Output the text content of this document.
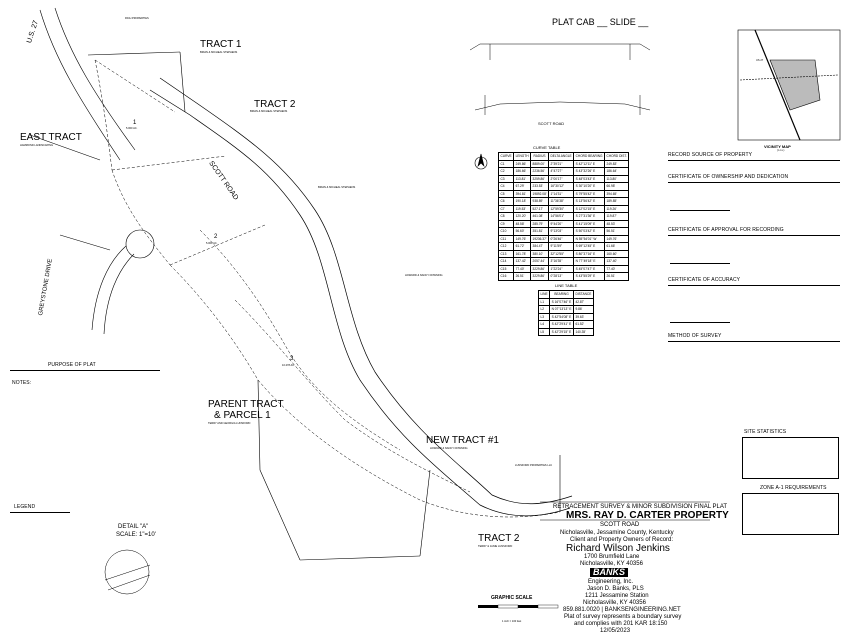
PLAT CAB __ SLIDE __
SCOTT ROAD
VICINITY MAP
(n.t.s.)
US 27
U.S. 27
SCOTT ROAD
GREYSTONE DRIVE
TRACT 1
TRACT 2
EAST TRACT
PARENT TRACT
& PARCEL 1
NEW TRACT #1
TRACT 2
1
5.000 AC.
2
5.000 AC.
3
10.278 AC.
RICH PROPERTIES
BRIAN & MICHEAL STEPHENS
BRIAN & MICHEAL STEPHENS
HAMMOND LANDSCAPING
BRIAN & MICHEAL STEPHENS
HOWARD & NANCY DOWNING
TERRY AND GEORGIA LUNSFORD
HOWARD & NANCY DOWNING
LUNSFORD PROPERTIES LLC
TERRY & JANIE LUNSFORD
GRAPHIC SCALE
1 inch = 100 feet
DETAIL "A"
SCALE: 1"=10'
CURVE TABLE
CURVE	LENGTH	RADIUS	DELTA ANGLE	CHORD BEARING	CHORD DIST.
C1	249.86'	8889.00'	2°39'21"	S 42°12'11" E	249.83'
C2	186.66'	2236.56'	4°47'27"	S 43°32'26" E	186.64'
C3	113.81'	3259.86'	2°00'17"	S 48°03'43" E	113.80'
C4	67.29'	233.53'	16°30'12"	S 30°10'20" E	66.98'
C5	394.81'	19892.08'	1°14'31"	S 79°55'42" E	394.65'
C6	190.18'	938.89'	11°36'38"	S 13°56'42" E	189.85'
C7	119.53'	527.17'	12°59'30"	S 12°02'15" E	119.26'
C8	120.20'	461.08'	14°56'01"	S 27°31'36" E	119.87'
C9	48.58'	285.79'	9°44'20"	S 41°15'09" E	48.53'
C10	56.60'	351.81'	9°13'03"	S 50°03'42" E	56.51'
C11	149.76'	19236.37'	0°26'46"	N 55°54'01" W	149.76'
C12	61.72'	384.47'	9°11'59"	S 69°12'45" E	61.66'
C13	161.78'	380.10'	32°12'55"	S 80°37'16" E	160.60'
C14	137.42'	2057.44'	3°16'35"	N 77°49'18" E	137.40'
C15	77.40'	3229.86'	1°22'24"	S 45°07'47" E	77.40'
C16	26.51'	3229.86'	0°28'13"	S 43°55'29" E	26.51'
LINE TABLE
LINE	BEARING	DISTANCE
L1	S 16°07'46" E	42.87'
L2	N 07°13'13" E	9.86'
L3	S 42°54'08" E	39.63'
L4	S 42°29'41" E	61.52'
L5	S 42°29'15" E	140.35'
RECORD SOURCE OF PROPERTY
CERTIFICATE OF OWNERSHIP AND DEDICATION
CERTIFICATE OF APPROVAL FOR RECORDING
CERTIFICATE OF ACCURACY
METHOD OF SURVEY
SITE STATISTICS
ZONE A-1 REQUIREMENTS
PURPOSE OF PLAT
NOTES:
LEGEND	RETRACEMENT SURVEY & MINOR SUBDIVISION FINAL PLAT
MRS. RAY D. CARTER PROPERTY
SCOTT ROAD
Nicholasville, Jessamine County, Kentucky
Client and Property Owners of Record:
Richard Wilson Jenkins
1700 Brumfield Lane
Nicholasville, KY 40356
BANKS
Engineering, Inc.
Jason D. Banks, PLS
1211 Jessamine Station
Nicholasville, KY 40356
859.881.0020 | BANKSENGINEERING.NET
Plat of survey represents a boundary survey
and complies with 201 KAR 18:150
12/05/2023
